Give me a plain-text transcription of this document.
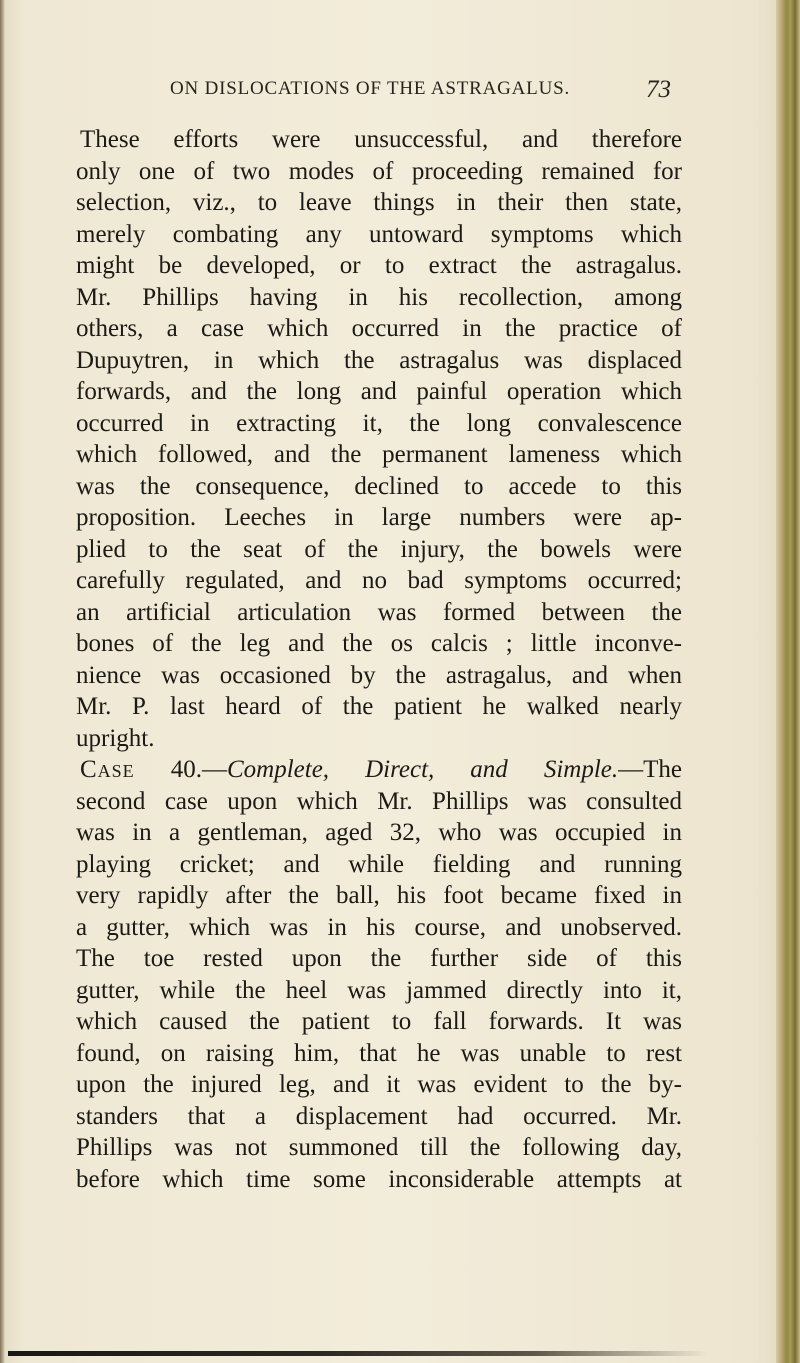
ON DISLOCATIONS OF THE ASTRAGALUS.	73
These efforts were unsuccessful, and therefore
only one of two modes of proceeding remained for
selection, viz., to leave things in their then state,
merely combating any untoward symptoms which
might be developed, or to extract the astragalus.
Mr. Phillips having in his recollection, among
others, a case which occurred in the practice of
Dupuytren, in which the astragalus was displaced
forwards, and the long and painful operation which
occurred in extracting it, the long convalescence
which followed, and the permanent lameness which
was the consequence, declined to accede to this
proposition. Leeches in large numbers were ap-
plied to the seat of the injury, the bowels were
carefully regulated, and no bad symptoms occurred;
an artificial articulation was formed between the
bones of the leg and the os calcis ; little inconve-
nience was occasioned by the astragalus, and when
Mr. P. last heard of the patient he walked nearly
upright.
Case 40.—Complete, Direct, and Simple.—The
second case upon which Mr. Phillips was consulted
was in a gentleman, aged 32, who was occupied in
playing cricket; and while fielding and running
very rapidly after the ball, his foot became fixed in
a gutter, which was in his course, and unobserved.
The toe rested upon the further side of this
gutter, while the heel was jammed directly into it,
which caused the patient to fall forwards. It was
found, on raising him, that he was unable to rest
upon the injured leg, and it was evident to the by-
standers that a displacement had occurred. Mr.
Phillips was not summoned till the following day,
before which time some inconsiderable attempts at
